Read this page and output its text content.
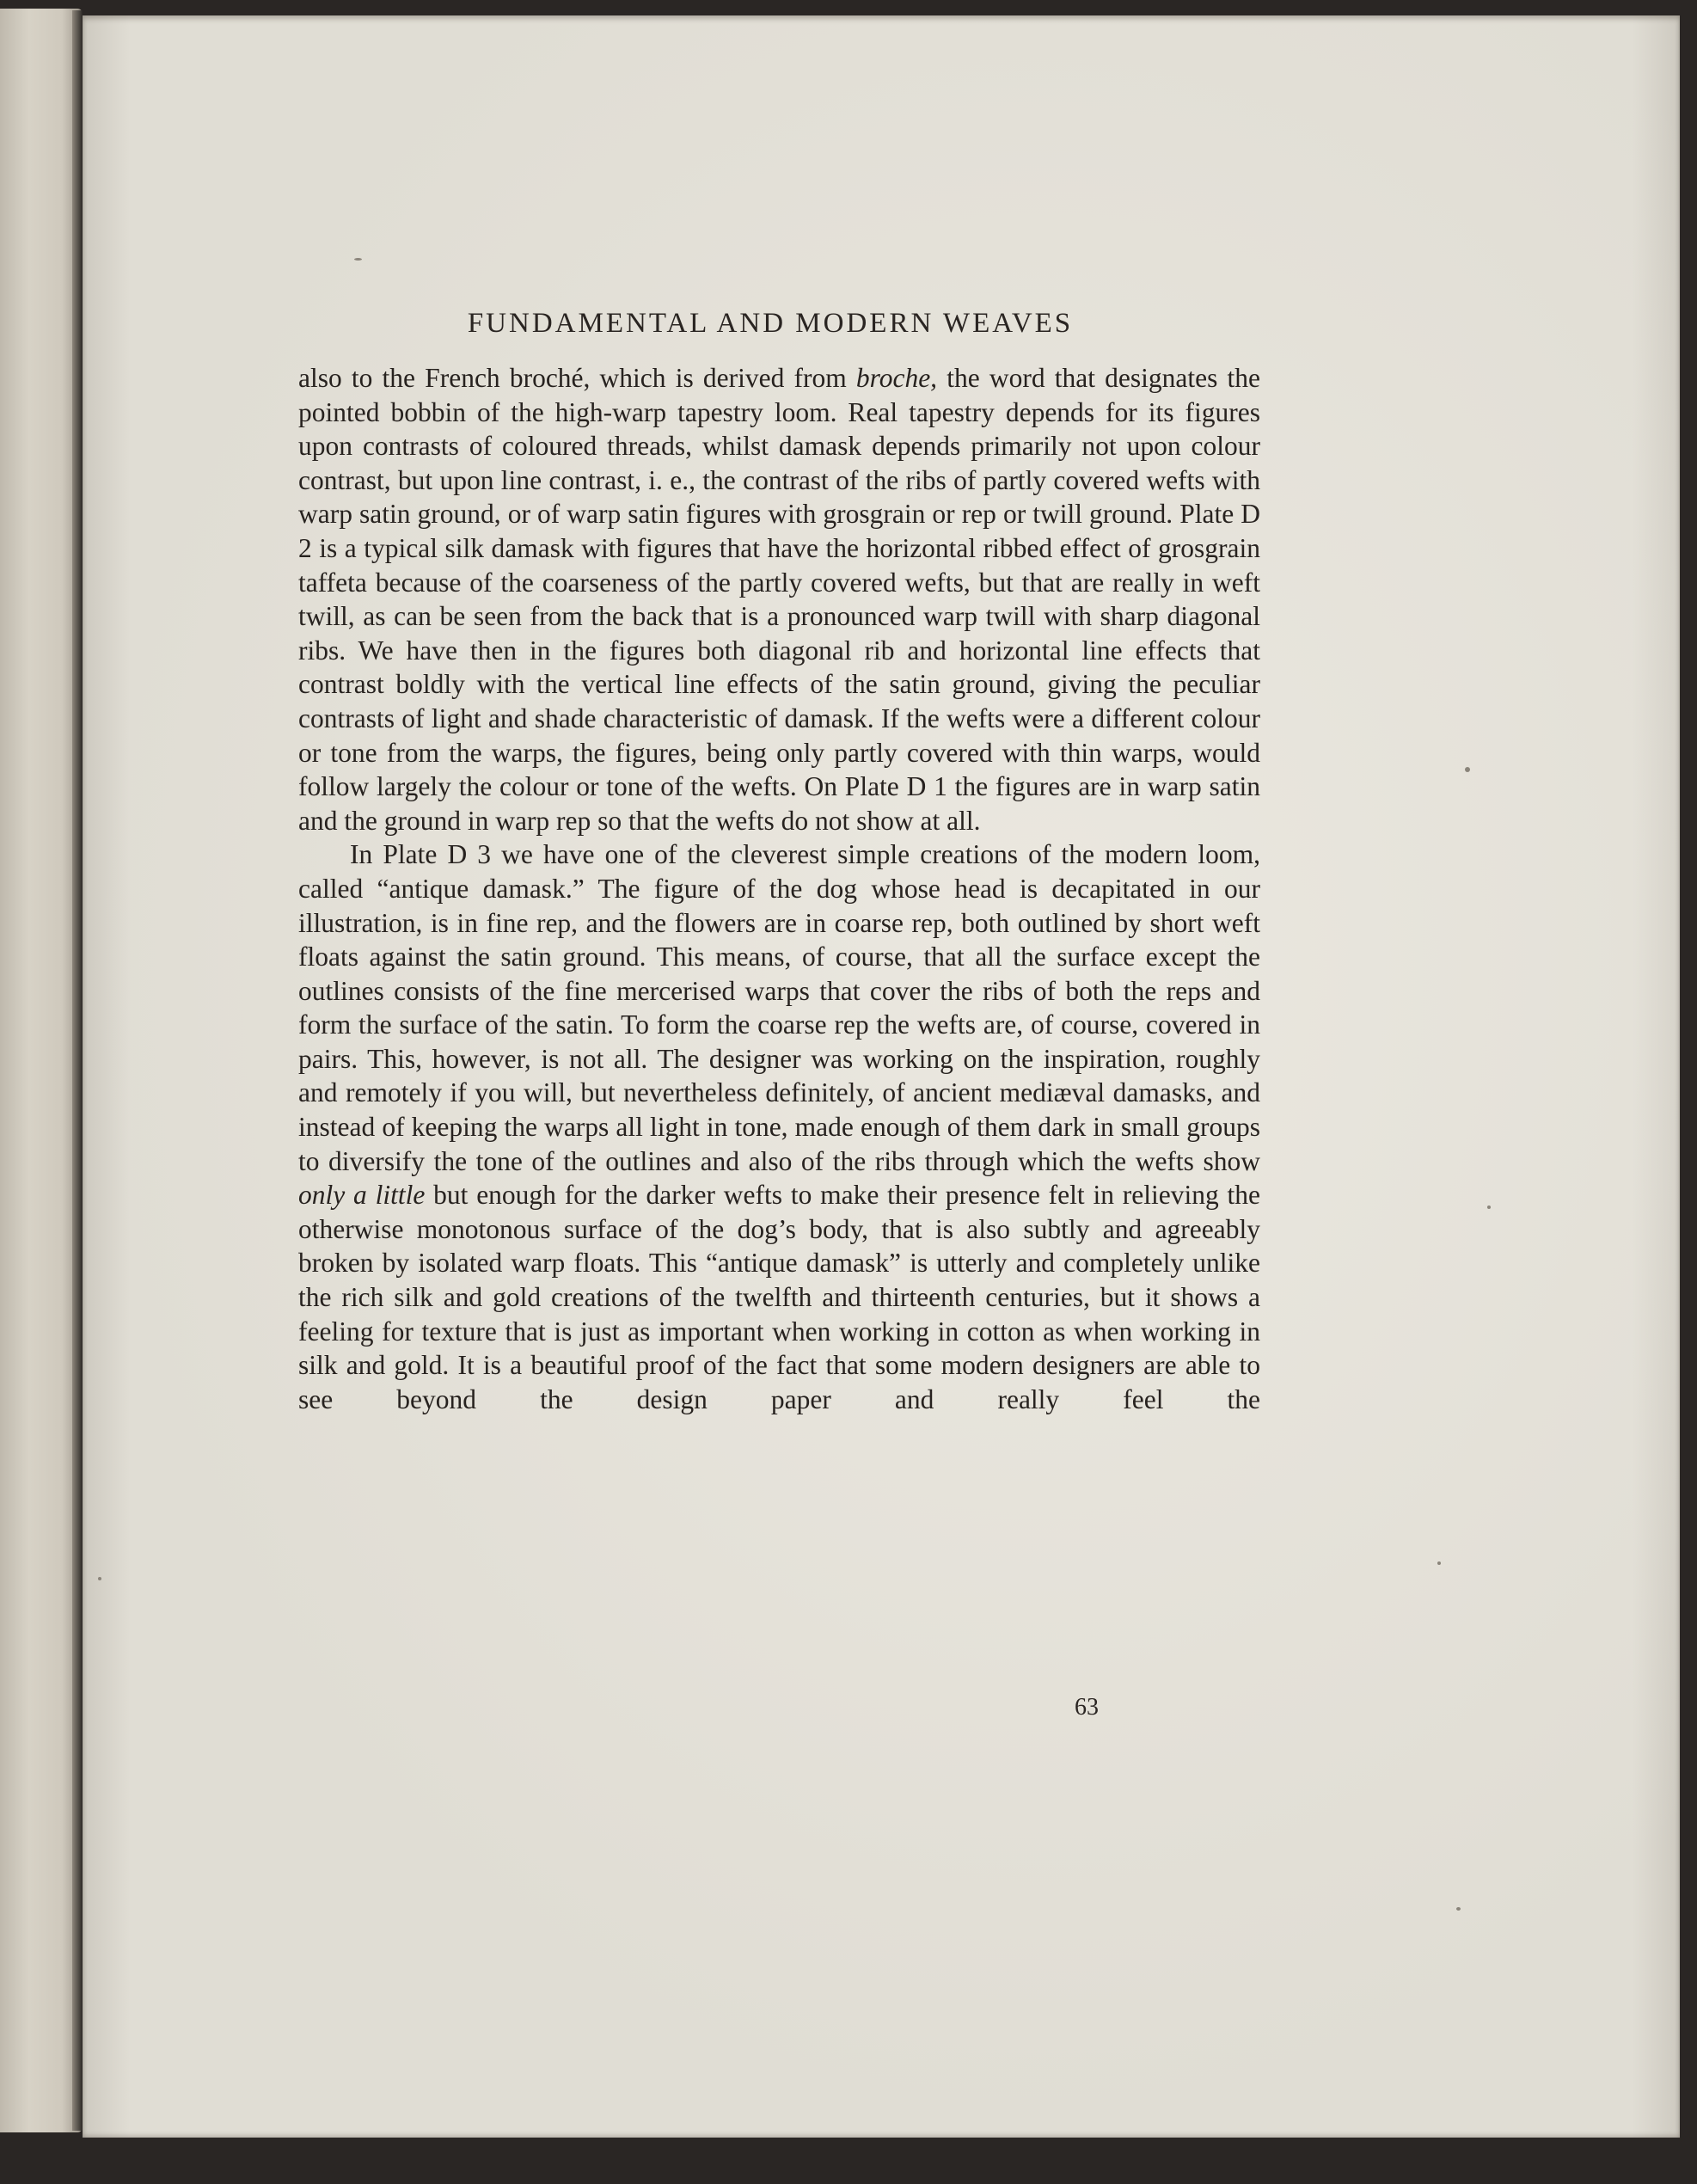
FUNDAMENTAL AND MODERN WEAVES

also to the French broché, which is derived from broche, the word that designates the pointed bobbin of the high-warp tapestry loom. Real tapestry depends for its figures upon contrasts of coloured threads, whilst damask depends primarily not upon colour contrast, but upon line contrast, i. e., the contrast of the ribs of partly covered wefts with warp satin ground, or of warp satin figures with grosgrain or rep or twill ground. Plate D 2 is a typical silk damask with figures that have the horizontal ribbed effect of grosgrain taffeta because of the coarseness of the partly covered wefts, but that are really in weft twill, as can be seen from the back that is a pronounced warp twill with sharp diagonal ribs. We have then in the figures both diagonal rib and horizontal line effects that contrast boldly with the vertical line effects of the satin ground, giving the peculiar contrasts of light and shade characteristic of damask. If the wefts were a different colour or tone from the warps, the figures, being only partly covered with thin warps, would follow largely the colour or tone of the wefts. On Plate D 1 the figures are in warp satin and the ground in warp rep so that the wefts do not show at all.

In Plate D 3 we have one of the cleverest simple creations of the modern loom, called “antique damask.” The figure of the dog whose head is decapitated in our illustration, is in fine rep, and the flowers are in coarse rep, both outlined by short weft floats against the satin ground. This means, of course, that all the surface except the outlines consists of the fine mercerised warps that cover the ribs of both the reps and form the surface of the satin. To form the coarse rep the wefts are, of course, covered in pairs. This, however, is not all. The designer was working on the inspiration, roughly and remotely if you will, but nevertheless definitely, of ancient mediæval damasks, and instead of keeping the warps all light in tone, made enough of them dark in small groups to diversify the tone of the outlines and also of the ribs through which the wefts show only a little but enough for the darker wefts to make their presence felt in relieving the otherwise monotonous surface of the dog’s body, that is also subtly and agreeably broken by isolated warp floats. This “antique damask” is utterly and completely unlike the rich silk and gold creations of the twelfth and thirteenth centuries, but it shows a feeling for texture that is just as important when working in cotton as when working in silk and gold. It is a beautiful proof of the fact that some modern designers are able to see beyond the design paper and really feel the

63
